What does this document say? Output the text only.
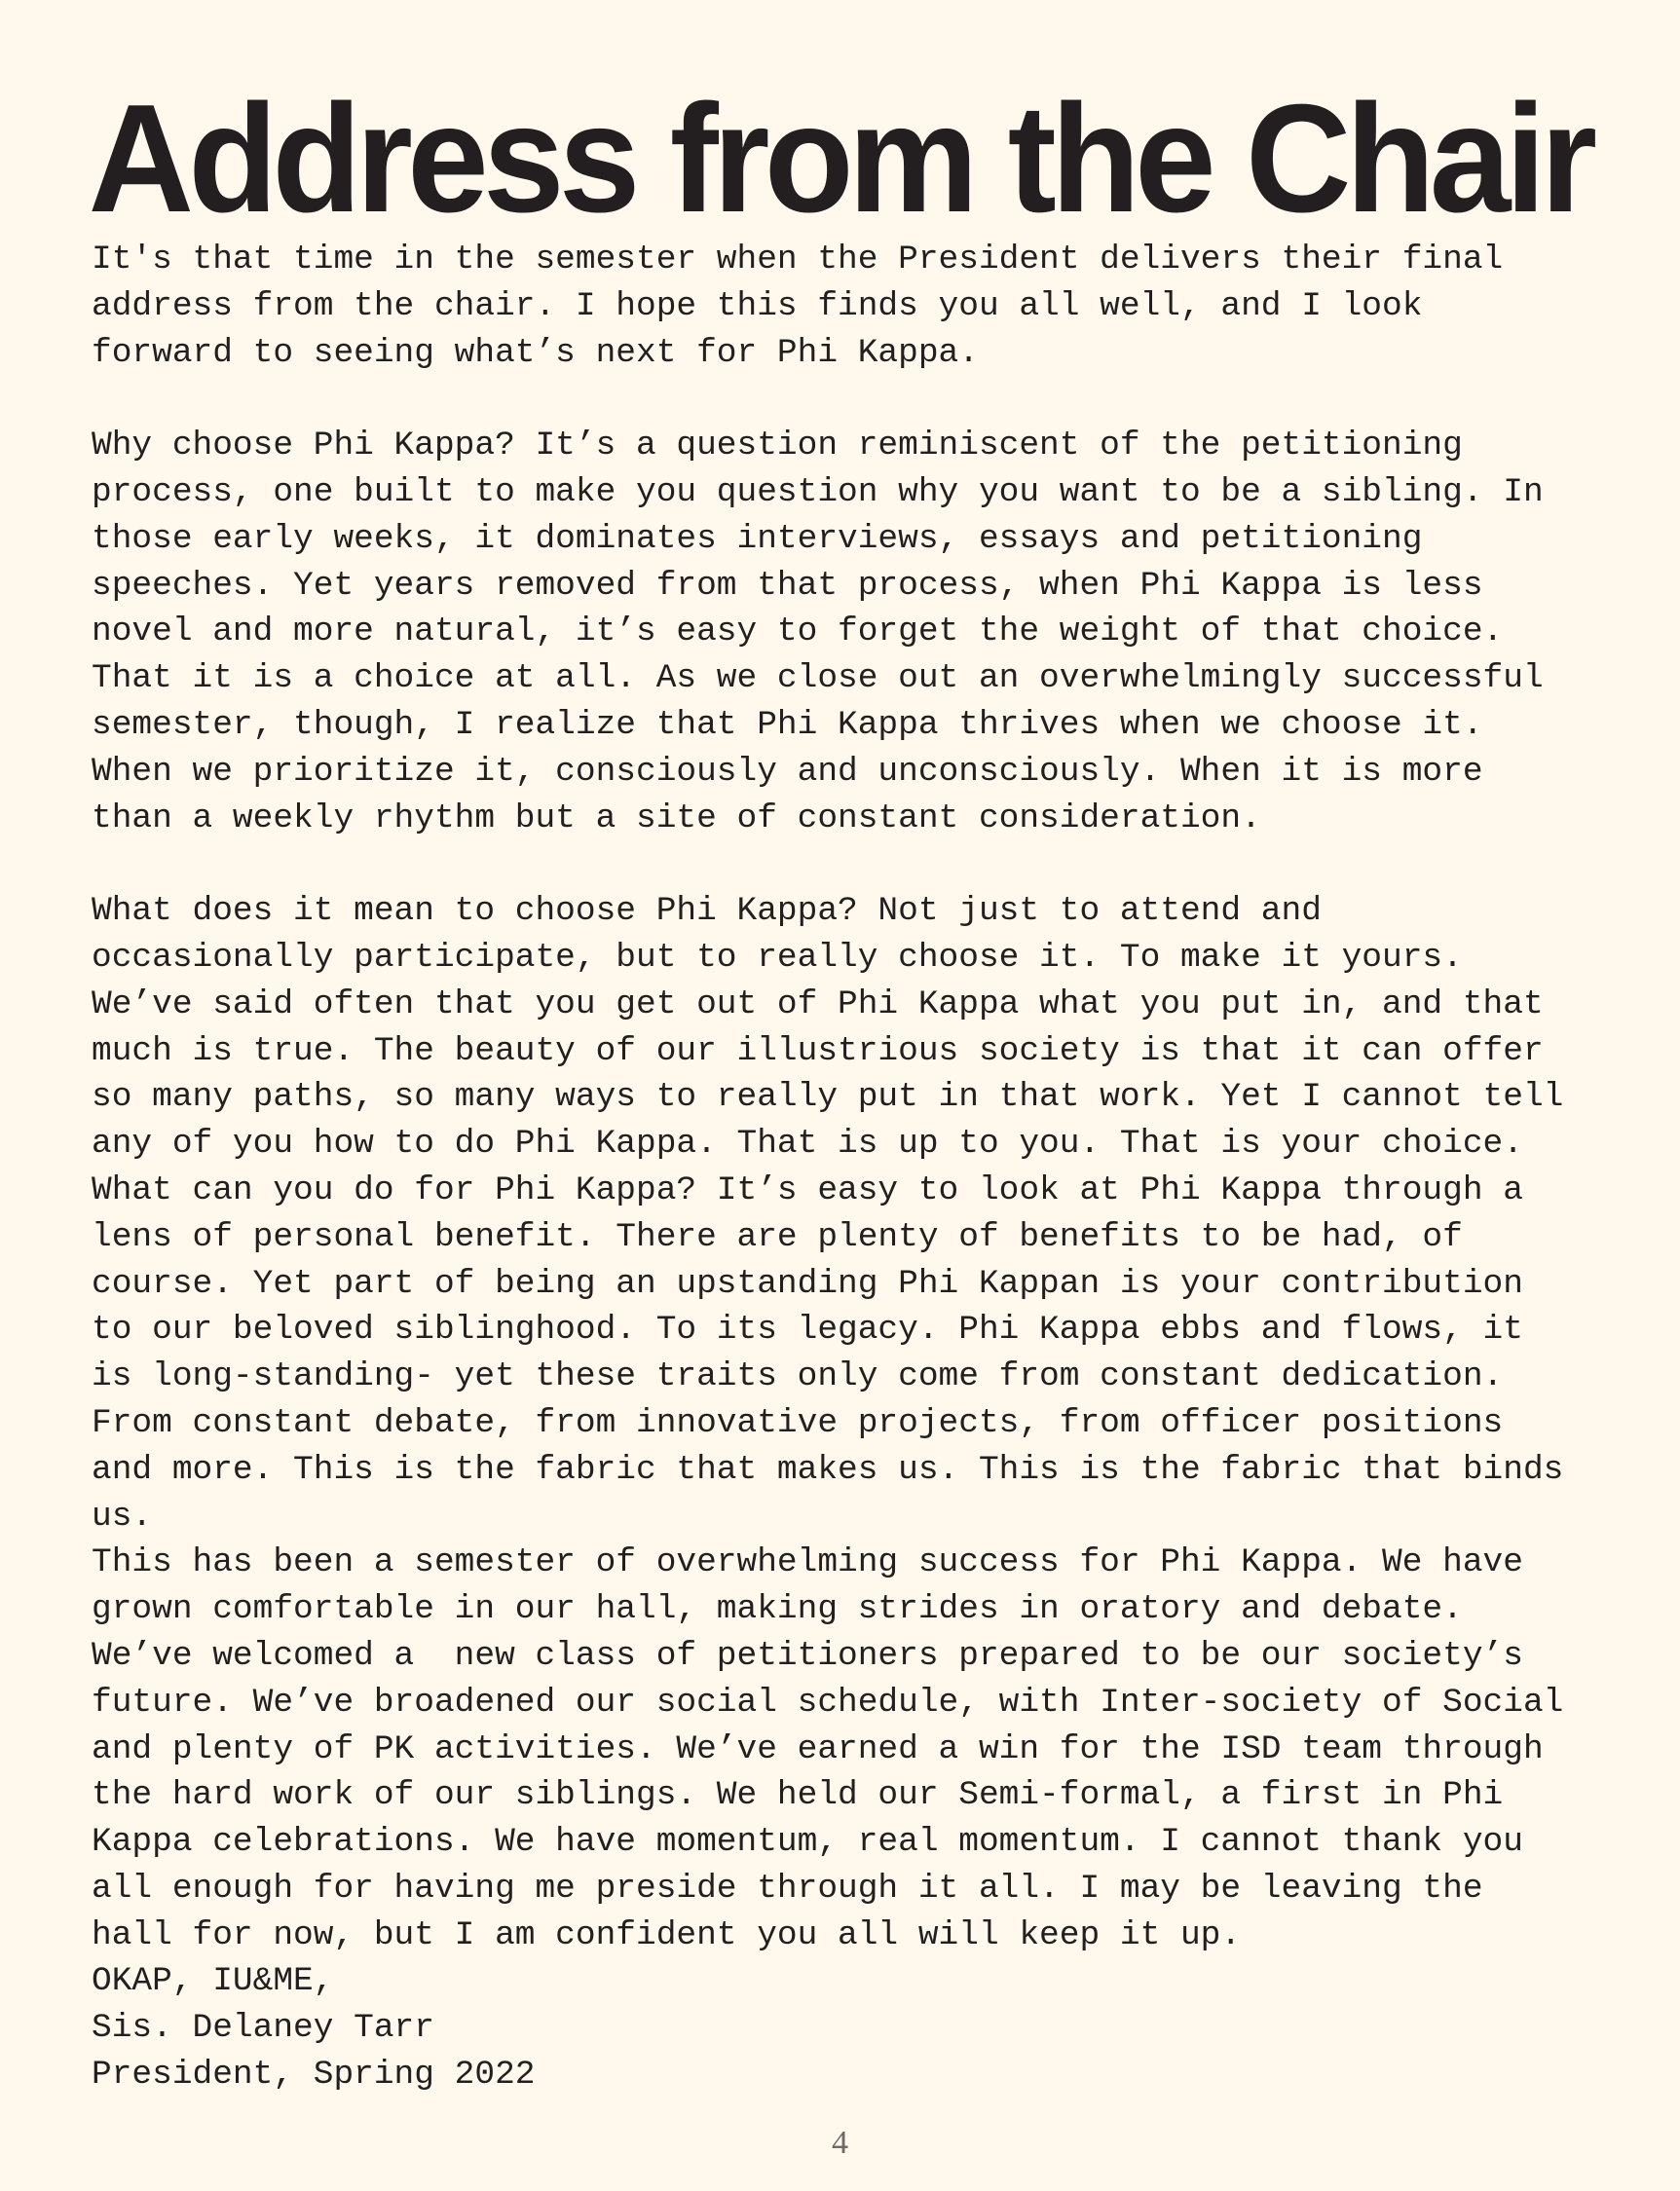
Address from the Chair
It's that time in the semester when the President delivers their final
address from the chair. I hope this finds you all well, and I look
forward to seeing what’s next for Phi Kappa.
Why choose Phi Kappa? It’s a question reminiscent of the petitioning
process, one built to make you question why you want to be a sibling. In
those early weeks, it dominates interviews, essays and petitioning
speeches. Yet years removed from that process, when Phi Kappa is less
novel and more natural, it’s easy to forget the weight of that choice.
That it is a choice at all. As we close out an overwhelmingly successful
semester, though, I realize that Phi Kappa thrives when we choose it.
When we prioritize it, consciously and unconsciously. When it is more
than a weekly rhythm but a site of constant consideration.
What does it mean to choose Phi Kappa? Not just to attend and
occasionally participate, but to really choose it. To make it yours.
We’ve said often that you get out of Phi Kappa what you put in, and that
much is true. The beauty of our illustrious society is that it can offer
so many paths, so many ways to really put in that work. Yet I cannot tell
any of you how to do Phi Kappa. That is up to you. That is your choice.
What can you do for Phi Kappa? It’s easy to look at Phi Kappa through a
lens of personal benefit. There are plenty of benefits to be had, of
course. Yet part of being an upstanding Phi Kappan is your contribution
to our beloved siblinghood. To its legacy. Phi Kappa ebbs and flows, it
is long-standing- yet these traits only come from constant dedication.
From constant debate, from innovative projects, from officer positions
and more. This is the fabric that makes us. This is the fabric that binds
us.
This has been a semester of overwhelming success for Phi Kappa. We have
grown comfortable in our hall, making strides in oratory and debate.
We’ve welcomed a  new class of petitioners prepared to be our society’s
future. We’ve broadened our social schedule, with Inter-society of Social
and plenty of PK activities. We’ve earned a win for the ISD team through
the hard work of our siblings. We held our Semi-formal, a first in Phi
Kappa celebrations. We have momentum, real momentum. I cannot thank you
all enough for having me preside through it all. I may be leaving the
hall for now, but I am confident you all will keep it up.
OKAP, IU&ME,
Sis. Delaney Tarr
President, Spring 2022
4
